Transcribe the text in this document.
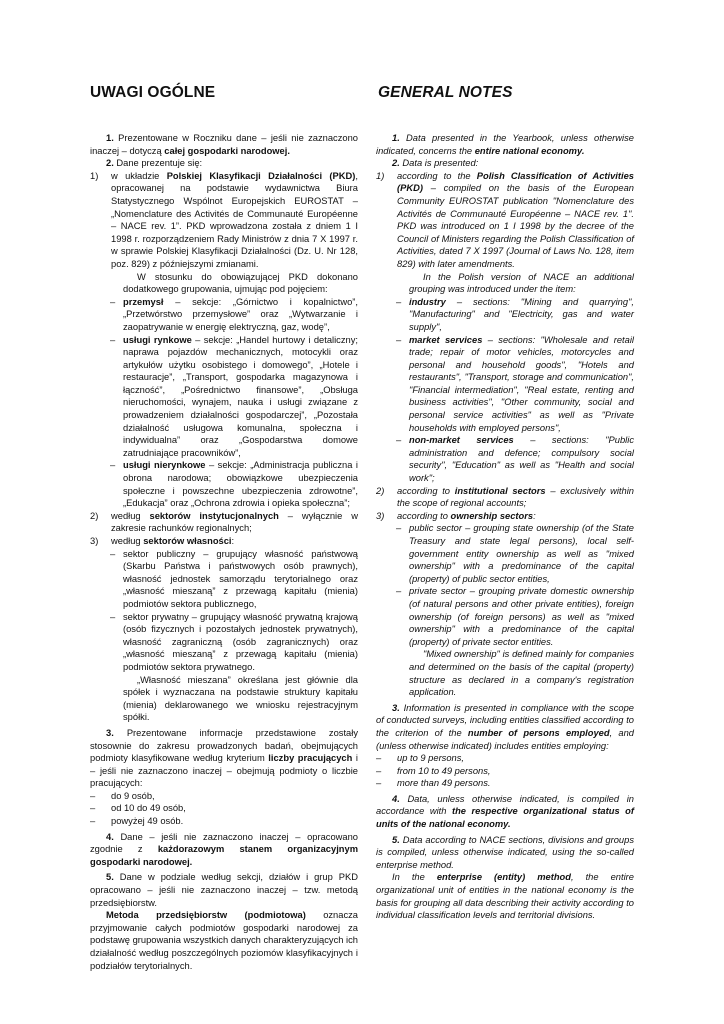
UWAGI OGÓLNE	GENERAL NOTES

1. Prezentowane w Roczniku dane – jeśli nie zaznaczono inaczej – dotyczą całej gospodarki narodowej.

2. Dane prezentuje się:

1) w układzie Polskiej Klasyfikacji Działalności (PKD), opracowanej na podstawie wydawnictwa Biura Statystycznego Wspólnot Europejskich EUROSTAT – „Nomenclature des Activités de Communauté Européenne – NACE rev. 1”. PKD wprowadzona została z dniem 1 I 1998 r. rozporządzeniem Rady Ministrów z dnia 7 X 1997 r. w sprawie Polskiej Klasyfikacji Działalności (Dz. U. Nr 128, poz. 829) z późniejszymi zmianami.

W stosunku do obowiązującej PKD dokonano dodatkowego grupowania, ujmując pod pojęciem:

– przemysł – sekcje: „Górnictwo i kopalnictwo”, „Przetwórstwo przemysłowe” oraz „Wytwarzanie i zaopatrywanie w energię elektryczną, gaz, wodę”,
– usługi rynkowe – sekcje: „Handel hurtowy i detaliczny; naprawa pojazdów mechanicznych, motocykli oraz artykułów użytku osobistego i domowego”, „Hotele i restauracje”, „Transport, gospodarka magazynowa i łączność”, „Pośrednictwo finansowe”, „Obsługa nieruchomości, wynajem, nauka i usługi związane z prowadzeniem działalności gospodarczej”, „Pozostała działalność usługowa komunalna, społeczna i indywidualna” oraz „Gospodarstwa domowe zatrudniające pracowników”,
– usługi nierynkowe – sekcje: „Administracja publiczna i obrona narodowa; obowiązkowe ubezpieczenia społeczne i powszechne ubezpieczenia zdrowotne”, „Edukacja” oraz „Ochrona zdrowia i opieka społeczna”;
2) według sektorów instytucjonalnych – wyłącznie w zakresie rachunków regionalnych;
3) według sektorów własności:
– sektor publiczny – grupujący własność państwową (Skarbu Państwa i państwowych osób prawnych), własność jednostek samorządu terytorialnego oraz „własność mieszaną” z przewagą kapitału (mienia) podmiotów sektora publicznego,
– sektor prywatny – grupujący własność prywatną krajową (osób fizycznych i pozostałych jednostek prywatnych), własność zagraniczną (osób zagranicznych) oraz „własność mieszaną” z przewagą kapitału (mienia) podmiotów sektora prywatnego.

„Własność mieszana” określana jest głównie dla spółek i wyznaczana na podstawie struktury kapitału (mienia) deklarowanego we wniosku rejestracyjnym spółki.

3. Prezentowane informacje przedstawione zostały stosownie do zakresu prowadzonych badań, obejmujących podmioty klasyfikowane według kryterium liczby pracujących i – jeśli nie zaznaczono inaczej – obejmują podmioty o liczbie pracujących:

– do 9 osób,
– od 10 do 49 osób,
– powyżej 49 osób.

4. Dane – jeśli nie zaznaczono inaczej – opracowano zgodnie z każdorazowym stanem organizacyjnym gospodarki narodowej.

5. Dane w podziale według sekcji, działów i grup PKD opracowano – jeśli nie zaznaczono inaczej – tzw. metodą przedsiębiorstw.

Metoda przedsiębiorstw (podmiotowa) oznacza przyjmowanie całych podmiotów gospodarki narodowej za podstawę grupowania wszystkich danych charakteryzujących ich działalność według poszczególnych poziomów klasyfikacyjnych i podziałów terytorialnych.

1. Data presented in the Yearbook, unless otherwise indicated, concerns the entire national economy.

2. Data is presented:

1) according to the Polish Classification of Activities (PKD) – compiled on the basis of the European Community EUROSTAT publication "Nomenclature des Activités de Communauté Européenne – NACE rev. 1". PKD was introduced on 1 I 1998 by the decree of the Council of Ministers regarding the Polish Classification of Activities, dated 7 X 1997 (Journal of Laws No. 128, item 829) with later amendments.

In the Polish version of NACE an additional grouping was introduced under the item:

– industry – sections: "Mining and quarrying", "Manufacturing" and "Electricity, gas and water supply",
– market services – sections: "Wholesale and retail trade; repair of motor vehicles, motorcycles and personal and household goods", "Hotels and restaurants", "Transport, storage and communication", "Financial intermediation", "Real estate, renting and business activities", "Other community, social and personal service activities" as well as "Private households with employed persons",
– non-market services – sections: "Public administration and defence; compulsory social security", "Education" as well as "Health and social work";
2) according to institutional sectors – exclusively within the scope of regional accounts;
3) according to ownership sectors:
– public sector – grouping state ownership (of the State Treasury and state legal persons), local self-government entity ownership as well as "mixed ownership" with a predominance of the capital (property) of public sector entities,
– private sector – grouping private domestic ownership (of natural persons and other private entities), foreign ownership (of foreign persons) as well as "mixed ownership" with a predominance of the capital (property) of private sector entities.

"Mixed ownership" is defined mainly for companies and determined on the basis of the capital (property) structure as declared in a company's registration application.

3. Information is presented in compliance with the scope of conducted surveys, including entities classified according to the criterion of the number of persons employed, and (unless otherwise indicated) includes entities employing:

– up to 9 persons,
– from 10 to 49 persons,
– more than 49 persons.

4. Data, unless otherwise indicated, is compiled in accordance with the respective organizational status of units of the national economy.

5. Data according to NACE sections, divisions and groups is compiled, unless otherwise indicated, using the so-called enterprise method.

In the enterprise (entity) method, the entire organizational unit of entities in the national economy is the basis for grouping all data describing their activity according to individual classification levels and territorial divisions.
